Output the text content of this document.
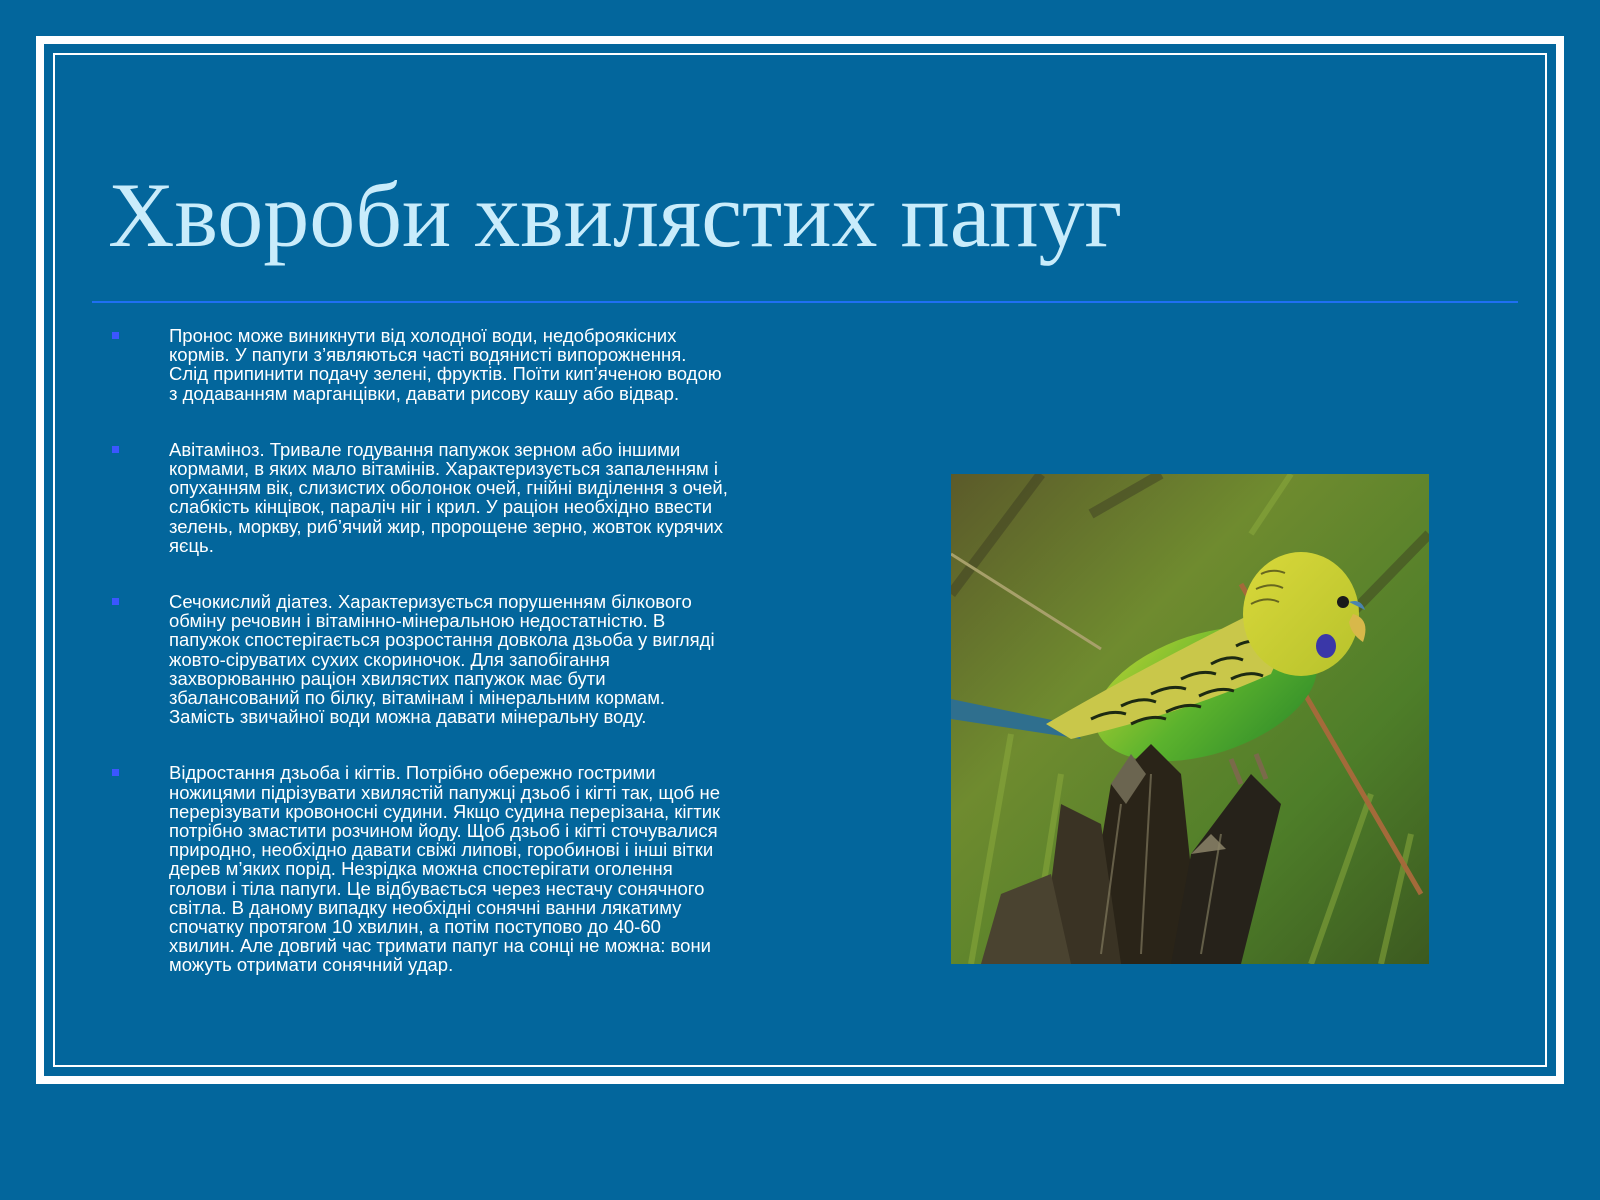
Хвороби хвилястих папуг
Пронос може виникнути від холодної води, недоброякісних
кормів. У папуги з’являються часті водянисті випорожнення.
Слід припинити подачу зелені, фруктів. Поїти кип’яченою водою
з додаванням марганцівки, давати рисову кашу або відвар.
Авітаміноз. Тривале годування папужок зерном або іншими
кормами, в яких мало вітамінів. Характеризується запаленням і
опуханням вік, слизистих оболонок очей, гнійні виділення з очей,
слабкість кінцівок, параліч ніг і крил. У раціон необхідно ввести
зелень, моркву, риб’ячий жир, пророщене зерно, жовток курячих
яєць.
Сечокислий діатез. Характеризується порушенням білкового
обміну речовин і вітамінно-мінеральною недостатністю. В
папужок спостерігається розростання довкола дзьоба у вигляді
жовто-сіруватих сухих скориночок. Для запобігання
захворюванню раціон хвилястих папужок має бути
збалансований по білку, вітамінам і мінеральним кормам.
Замість звичайної води можна давати мінеральну воду.
Відростання дзьоба і кігтів. Потрібно обережно гострими
ножицями підрізувати хвилястій папужці дзьоб і кігті так, щоб не
перерізувати кровоносні судини. Якщо судина перерізана, кігтик
потрібно змастити розчином йоду. Щоб дзьоб і кігті сточувалися
природно, необхідно давати свіжі липові, горобинові і інші вітки
дерев м’яких порід. Незрідка можна спостерігати оголення
голови і тіла папуги. Це відбувається через нестачу сонячного
світла. В даному випадку необхідні сонячні ванни лякатиму
спочатку протягом 10 хвилин, а потім поступово до 40-60
хвилин. Але довгий час тримати папуг на сонці не можна: вони
можуть отримати сонячний удар.
